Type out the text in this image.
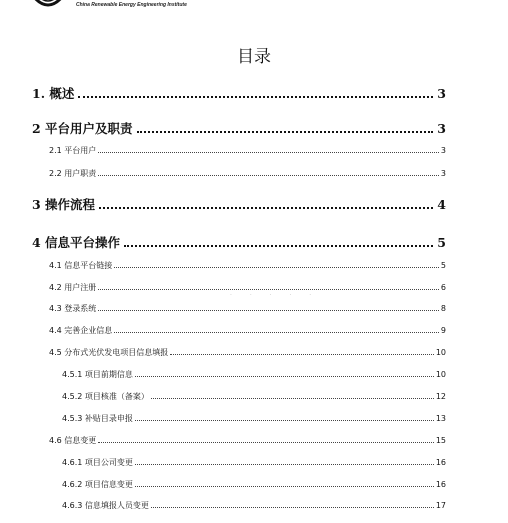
China Renewable Energy Engineering Institute
目录
1. 概述	3
2 平台用户及职责	3
2.1 平台用户	3
2.2 用户职责	3
3 操作流程	4
4 信息平台操作	5
4.1 信息平台链接	5
4.2 用户注册	6
4.3 登录系统	8
4.4 完善企业信息	9
4.5 分布式光伏发电项目信息填报	10
4.5.1 项目前期信息	10
4.5.2 项目核准（备案）	12
4.5.3 补贴目录申报	13
4.6 信息变更	15
4.6.1 项目公司变更	16
4.6.2 项目信息变更	16
4.6.3 信息填报人员变更	17
· · · · ·
